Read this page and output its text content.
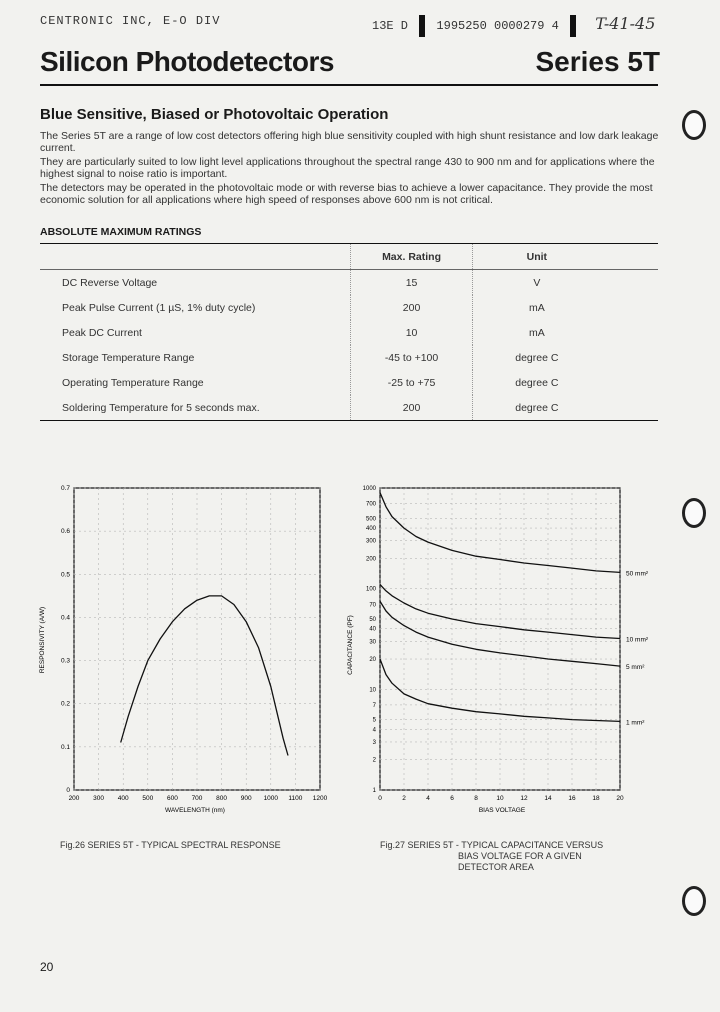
CENTRONIC INC, E-O DIV	13E D 1995250 0000279 4 T-41-45
Silicon Photodetectors	Series 5T
Blue Sensitive, Biased or Photovoltaic Operation
The Series 5T are a range of low cost detectors offering high blue sensitivity coupled with high shunt resistance and low dark leakage current.
They are particularly suited to low light level applications throughout the spectral range 430 to 900 nm and for applications where the highest signal to noise ratio is important.
The detectors may be operated in the photovoltaic mode or with reverse bias to achieve a lower capacitance. They provide the most economic solution for all applications where high speed of responses above 600 nm is not critical.
ABSOLUTE MAXIMUM RATINGS
	Max. Rating	Unit	
DC Reverse Voltage	15	V	
Peak Pulse Current (1 µS, 1% duty cycle)	200	mA	
Peak DC Current	10	mA	
Storage Temperature Range	-45 to +100	degree C	
Operating Temperature Range	-25 to +75	degree C	
Soldering Temperature for 5 seconds max.	200	degree C	
RESPONSIVITY (A/W)
WAVELENGTH (nm)
200 300 400 500 600 700 800 900 1000 1100 1200
0.7
0.6
0.5
0.4
0.3
0.2
0.1
0
Fig.26 SERIES 5T - TYPICAL SPECTRAL RESPONSE
CAPACITANCE (PF)
BIAS VOLTAGE
0	2	4	6	8	10	12	14	16	18	20
1000
700
500
400
300
200
100
70
50
40
30
20
10
7
5
4
3
2
1
50 mm²
10 mm²
5 mm²
1 mm²
Fig.27 SERIES 5T - TYPICAL CAPACITANCE VERSUS
BIAS VOLTAGE FOR A GIVEN
DETECTOR AREA
20
